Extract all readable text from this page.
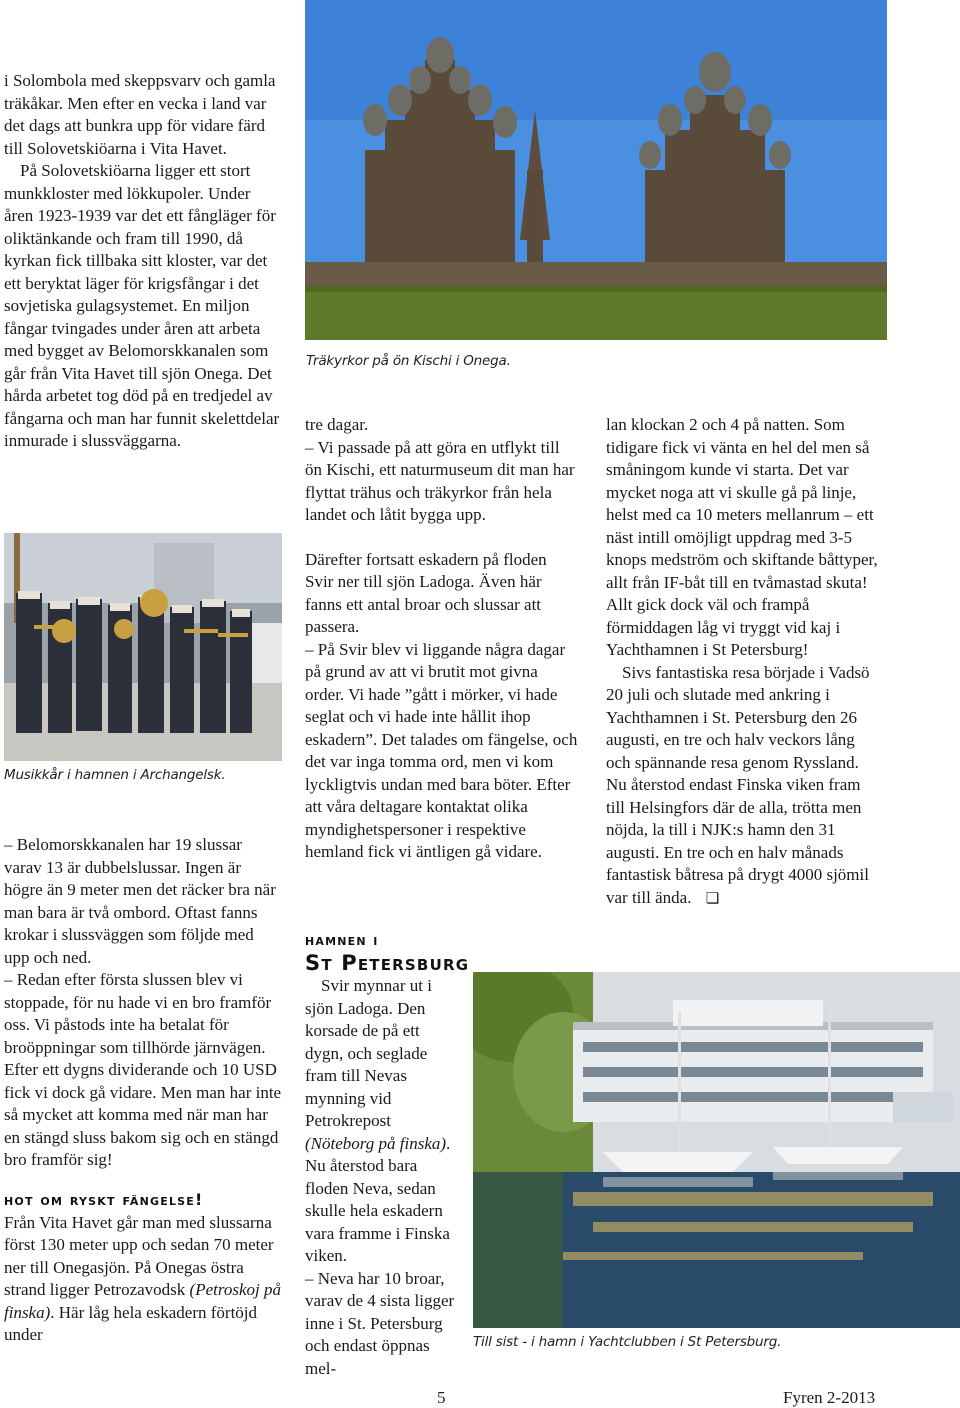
i Solombola med skeppsvarv och gamla träkåkar. Men efter en vecka i land var det dags att bunkra upp för vidare färd till Solovetskiöarna i Vita Havet.

På Solovetskiöarna ligger ett stort munkkloster med lökkupoler. Under åren 1923-1939 var det ett fångläger för oliktänkande och fram till 1990, då kyrkan fick tillbaka sitt kloster, var det ett beryktat läger för krigsfångar i det sovjetiska gulagsystemet. En miljon fångar tvingades under åren att arbeta med bygget av Belomorskkanalen som går från Vita Havet till sjön Onega. Det hårda arbetet tog död på en tredjedel av fångarna och man har funnit skelettdelar inmurade i slussväggarna.

Musikkår i hamnen i Archangelsk.

– Belomorskkanalen har 19 slussar varav 13 är dubbelslussar. Ingen är högre än 9 meter men det räcker bra när man bara är två ombord. Oftast fanns krokar i slussväggen som följde med upp och ned.

– Redan efter första slussen blev vi stoppade, för nu hade vi en bro framför oss. Vi påstods inte ha betalat för broöppningar som tillhörde järnvägen. Efter ett dygns dividerande och 10 USD fick vi dock gå vidare. Men man har inte så mycket att komma med när man har en stängd sluss bakom sig och en stängd bro framför sig!

hot om ryskt fängelse!

Från Vita Havet går man med slussarna först 130 meter upp och sedan 70 meter ner till Onegasjön. På Onegas östra strand ligger Petrozavodsk (Petroskoj på finska). Här låg hela eskadern förtöjd under

Träkyrkor på ön Kischi i Onega.

tre dagar.

– Vi passade på att göra en utflykt till ön Kischi, ett naturmuseum dit man har flyttat trähus och träkyrkor från hela landet och låtit bygga upp.

Därefter fortsatt eskadern på floden Svir ner till sjön Ladoga. Även här fanns ett antal broar och slussar att passera.

– På Svir blev vi liggande några dagar på grund av att vi brutit mot givna order. Vi hade ”gått i mörker, vi hade seglat och vi hade inte hållit ihop eskadern”. Det talades om fängelse, och det var inga tomma ord, men vi kom lyckligtvis undan med bara böter. Efter att våra deltagare kontaktat olika myndighetspersoner i respektive hemland fick vi äntligen gå vidare.

hamnen i
St Petersburg

Svir mynnar ut i sjön Ladoga. Den korsade de på ett dygn, och seglade fram till Nevas mynning vid Petrokrepost (Nöteborg på finska). Nu återstod bara floden Neva, sedan skulle hela eskadern vara framme i Finska viken.

– Neva har 10 broar, varav de 4 sista ligger inne i St. Petersburg och endast öppnas mel-

lan klockan 2 och 4 på natten. Som tidigare fick vi vänta en hel del men så småningom kunde vi starta. Det var mycket noga att vi skulle gå på linje, helst med ca 10 meters mellanrum – ett näst intill omöjligt uppdrag med 3-5 knops medström och skiftande båttyper, allt från IF-båt till en tvåmastad skuta! Allt gick dock väl och frampå förmiddagen låg vi tryggt vid kaj i Yachthamnen i St Petersburg!

Sivs fantastiska resa började i Vadsö 20 juli och slutade med ankring i Yachthamnen i St. Petersburg den 26 augusti, en tre och halv veckors lång och spännande resa genom Ryssland. Nu återstod endast Finska viken fram till Helsingfors där de alla, trötta men nöjda, la till i NJK:s hamn den 31 augusti. En tre och en halv månads fantastisk båtresa på drygt 4000 sjömil var till ända. ❏

Till sist - i hamn i Yachtclubben i St Petersburg.
5	Fyren 2-2013
